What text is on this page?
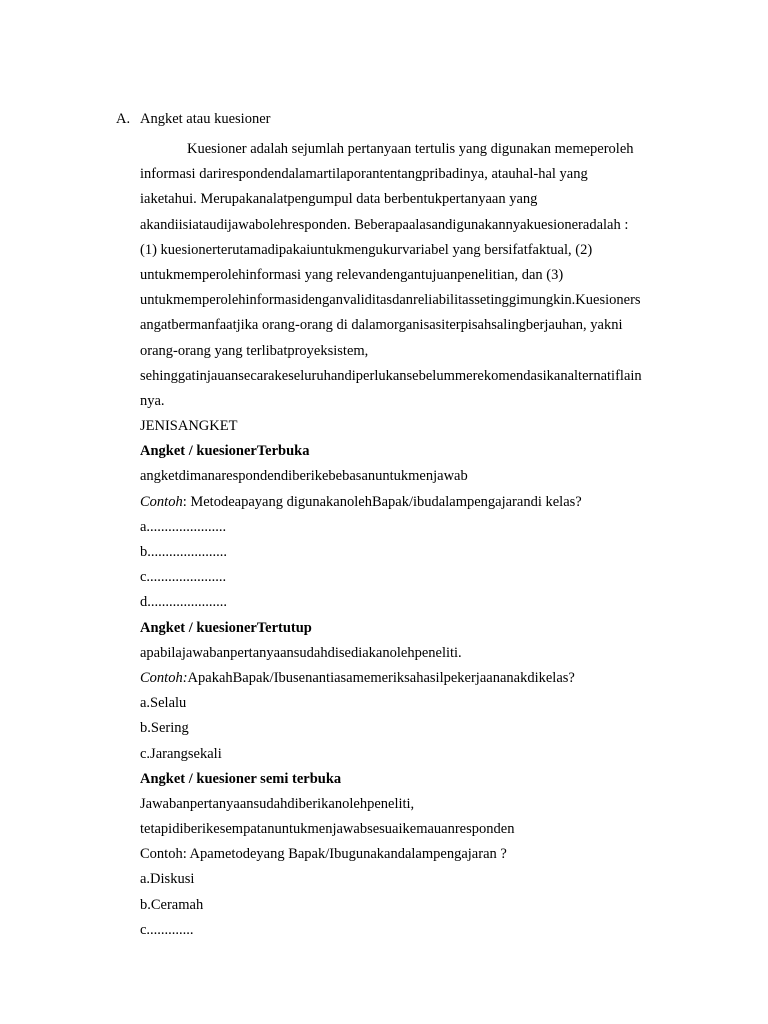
A. Angket atau kuesioner
Kuesioner adalah sejumlah pertanyaan tertulis yang digunakan memeperoleh
informasi darirespondendalamartilaporantentangpribadinya, atauhal-hal yang
iaketahui. Merupakanalatpengumpul data berbentukpertanyaan yang
akandiisiataudijawabolehresponden. Beberapaalasandigunakannyakuesioneradalah :
(1) kuesionerterutamadipakaiuntukmengukurvariabel yang bersifatfaktual, (2)
untukmemperolehinformasi yang relevandengantujuanpenelitian, dan (3)
untukmemperolehinformasidenganvaliditasdanreliabilitassetinggimungkin.Kuesioners
angatbermanfaatjika orang-orang di dalamorganisasiterpisahsalingberjauhan, yakni
orang-orang yang terlibatproyeksistem,
sehinggatinjauansecarakeseluruhandiperlukansebelummerekomendasikanalternatiflain
nya.
JENISANGKET
Angket / kuesionerTerbuka
angketdimanarespondendiberikebebasanuntukmenjawab
Contoh: Metodeapayang digunakanolehBapak/ibudalampengajarandi kelas?
a......................
b......................
c......................
d......................
Angket / kuesionerTertutup
apabilajawabanpertanyaansudahdisediakanolehpeneliti.
Contoh:ApakahBapak/Ibusenantiasamemeriksahasilpekerjaananakdikelas?
a.Selalu
b.Sering
c.Jarangsekali
Angket / kuesioner semi terbuka
Jawabanpertanyaansudahdiberikanolehpeneliti,
tetapidiberikesempatanuntukmenjawabsesuaikemauanresponden
Contoh: Apametodeyang Bapak/Ibugunakandalampengajaran ?
a.Diskusi
b.Ceramah
c.............
